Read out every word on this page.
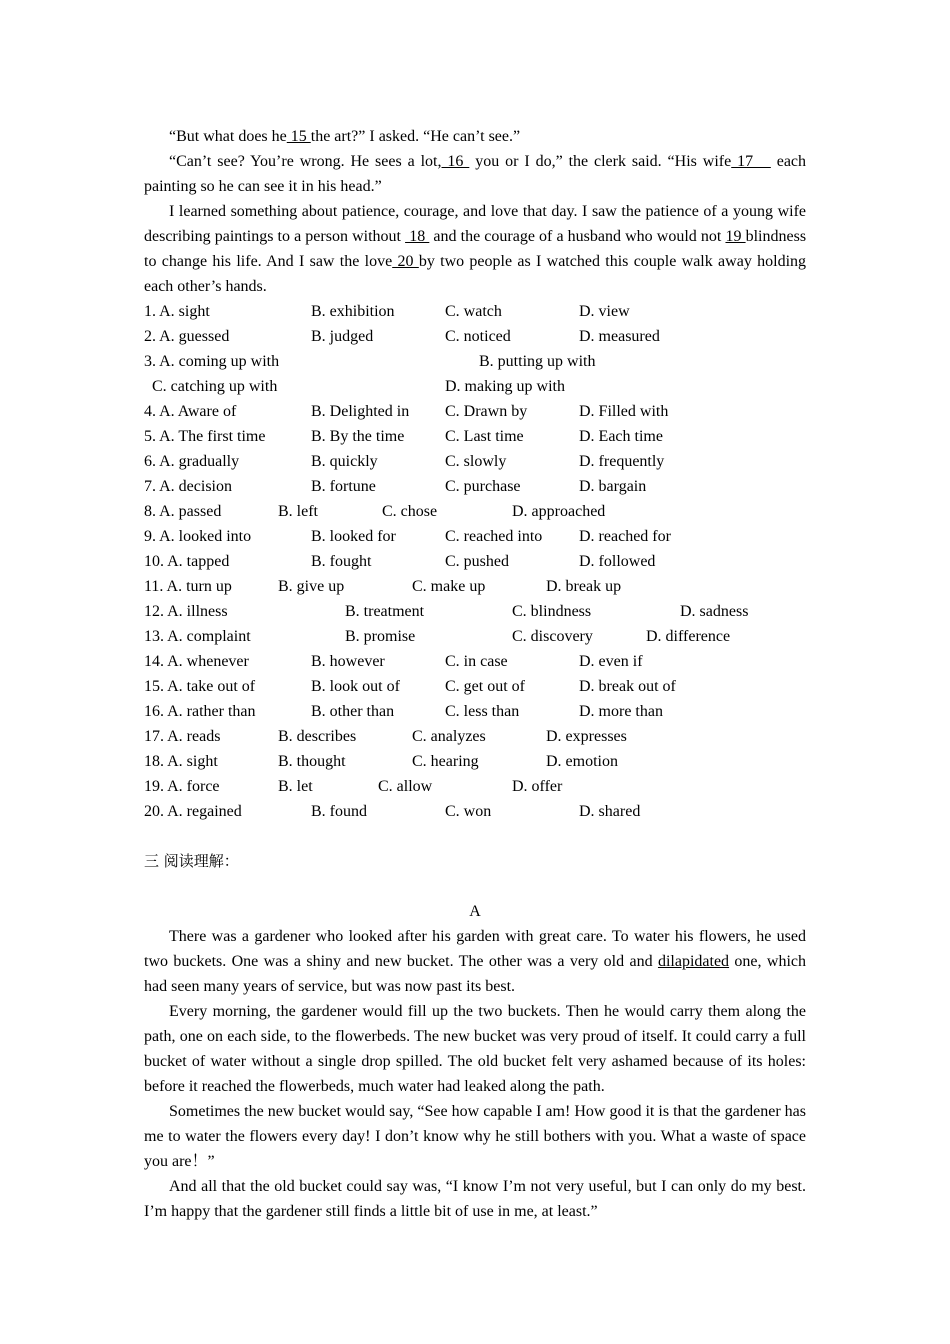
“But what does he 15 the art?” I asked. “He can’t see.”

“Can’t see? You’re wrong. He sees a lot, 16  you or I do,” the clerk said. “His wife 17    each painting so he can see it in his head.”

I learned something about patience, courage, and love that day. I saw the patience of a young wife describing paintings to a person without  18  and the courage of a husband who would not 19 blindness to change his life. And I saw the love 20 by two people as I watched this couple walk away holding each other’s hands.

1. A. sight	B. exhibition	C. watch	D. view
2. A. guessed	B. judged	C. noticed	D. measured
3. A. coming up with	B. putting up with
C. catching up with	D. making up with
4. A. Aware of	B. Delighted in C. Drawn by	D. Filled with
5. A. The first time	B. By the time	C. Last time	D. Each time
6. A. gradually	B. quickly	C. slowly	D. frequently
7. A. decision	B. fortune	C. purchase	D. bargain
8. A. passed	B. left	C. chose	D. approached
9. A. looked into	B. looked for	C. reached into D. reached for
10. A. tapped	B. fought	C. pushed	D. followed
11. A. turn up	B. give up	C. make up	D. break up
12. A. illness	B. treatment	C. blindness	D. sadness
13. A. complaint	B. promise	C. discovery	D. difference
14. A. whenever	B. however	C. in case	D. even if
15. A. take out of	B. look out of	C. get out of	D. break out of
16. A. rather than	B. other than	C. less than	D. more than
17. A. reads	B. describes	C. analyzes	D. expresses
18. A. sight	B. thought	C. hearing	D. emotion
19. A. force	B. let	C. allow	D. offer
20. A. regained	B. found	C. won	D. shared

三 阅读理解：

A

There was a gardener who looked after his garden with great care. To water his flowers, he used two buckets. One was a shiny and new bucket. The other was a very old and dilapidated one, which had seen many years of service, but was now past its best.

Every morning, the gardener would fill up the two buckets. Then he would carry them along the path, one on each side, to the flowerbeds. The new bucket was very proud of itself. It could carry a full bucket of water without a single drop spilled. The old bucket felt very ashamed because of its holes: before it reached the flowerbeds, much water had leaked along the path.

Sometimes the new bucket would say, “See how capable I am! How good it is that the gardener has me to water the flowers every day! I don’t know why he still bothers with you. What a waste of space you are！”

And all that the old bucket could say was, “I know I’m not very useful, but I can only do my best. I’m happy that the gardener still finds a little bit of use in me, at least.”
